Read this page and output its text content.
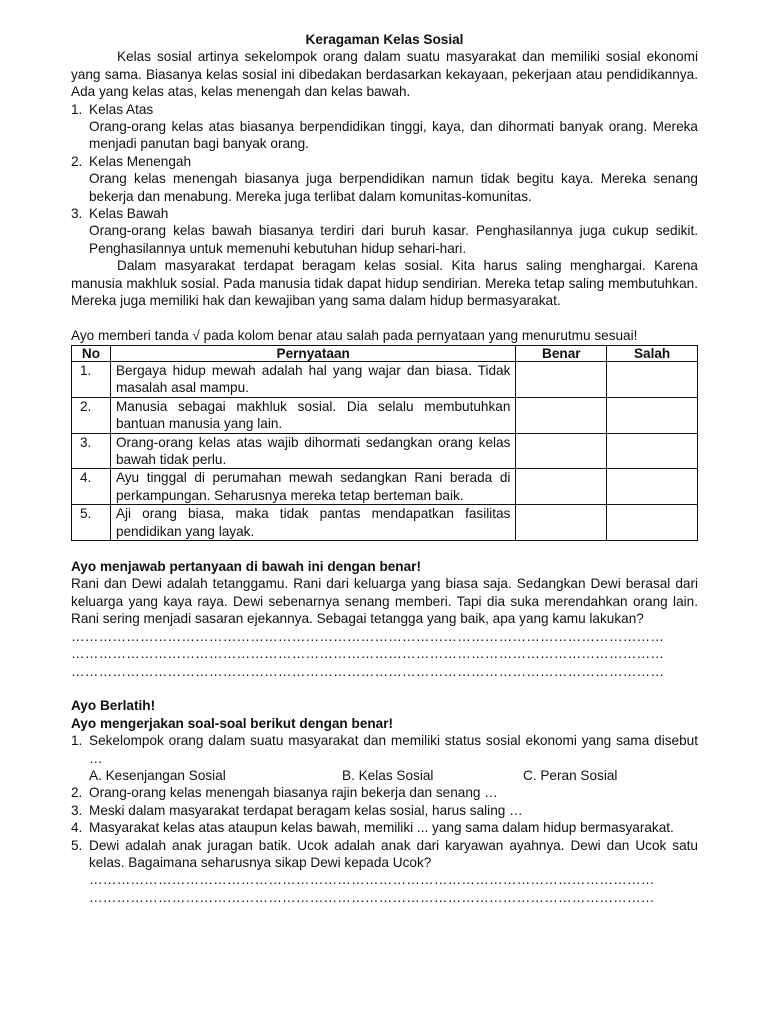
Keragaman Kelas Sosial

Kelas sosial artinya sekelompok orang dalam suatu masyarakat dan memiliki sosial ekonomi yang sama. Biasanya kelas sosial ini dibedakan berdasarkan kekayaan, pekerjaan atau pendidikannya. Ada yang kelas atas, kelas menengah dan kelas bawah.

1. Kelas Atas

Orang-orang kelas atas biasanya berpendidikan tinggi, kaya, dan dihormati banyak orang. Mereka menjadi panutan bagi banyak orang.

2. Kelas Menengah

Orang kelas menengah biasanya juga berpendidikan namun tidak begitu kaya. Mereka senang bekerja dan menabung. Mereka juga terlibat dalam komunitas-komunitas.

3. Kelas Bawah

Orang-orang kelas bawah biasanya terdiri dari buruh kasar. Penghasilannya juga cukup sedikit. Penghasilannya untuk memenuhi kebutuhan hidup sehari-hari.

Dalam masyarakat terdapat beragam kelas sosial. Kita harus saling menghargai. Karena manusia makhluk sosial. Pada manusia tidak dapat hidup sendirian. Mereka tetap saling membutuhkan. Mereka juga memiliki hak dan kewajiban yang sama dalam hidup bermasyarakat.

Ayo memberi tanda √ pada kolom benar atau salah pada pernyataan yang menurutmu sesuai!

No	Pernyataan	Benar	Salah
1.	Bergaya hidup mewah adalah hal yang wajar dan biasa. Tidak masalah asal mampu.		
2.	Manusia sebagai makhluk sosial. Dia selalu membutuhkan bantuan manusia yang lain.		
3.	Orang-orang kelas atas wajib dihormati sedangkan orang kelas bawah tidak perlu.		
4.	Ayu tinggal di perumahan mewah sedangkan Rani berada di perkampungan. Seharusnya mereka tetap berteman baik.		
5.	Aji orang biasa, maka tidak pantas mendapatkan fasilitas pendidikan yang layak.		

Ayo menjawab pertanyaan di bawah ini dengan benar!

Rani dan Dewi adalah tetanggamu. Rani dari keluarga yang biasa saja. Sedangkan Dewi berasal dari keluarga yang kaya raya. Dewi sebenarnya senang memberi. Tapi dia suka merendahkan orang lain. Rani sering menjadi sasaran ejekannya. Sebagai tetangga yang baik, apa yang kamu lakukan?

…………………………………………………………………………………………………………………

…………………………………………………………………………………………………………………

…………………………………………………………………………………………………………………

Ayo Berlatih!

Ayo mengerjakan soal-soal berikut dengan benar!

1. Sekelompok orang dalam suatu masyarakat dan memiliki status sosial ekonomi yang sama disebut …
A. Kesenjangan Sosial	B. Kelas Sosial	C. Peran Sosial
2. Orang-orang kelas menengah biasanya rajin bekerja dan senang …
3. Meski dalam masyarakat terdapat beragam kelas sosial, harus saling …
4. Masyarakat kelas atas ataupun kelas bawah, memiliki ... yang sama dalam hidup bermasyarakat.
5. Dewi adalah anak juragan batik. Ucok adalah anak dari karyawan ayahnya. Dewi dan Ucok satu kelas. Bagaimana seharusnya sikap Dewi kepada Ucok?

……………………………………………………………………………………………………………

……………………………………………………………………………………………………………
